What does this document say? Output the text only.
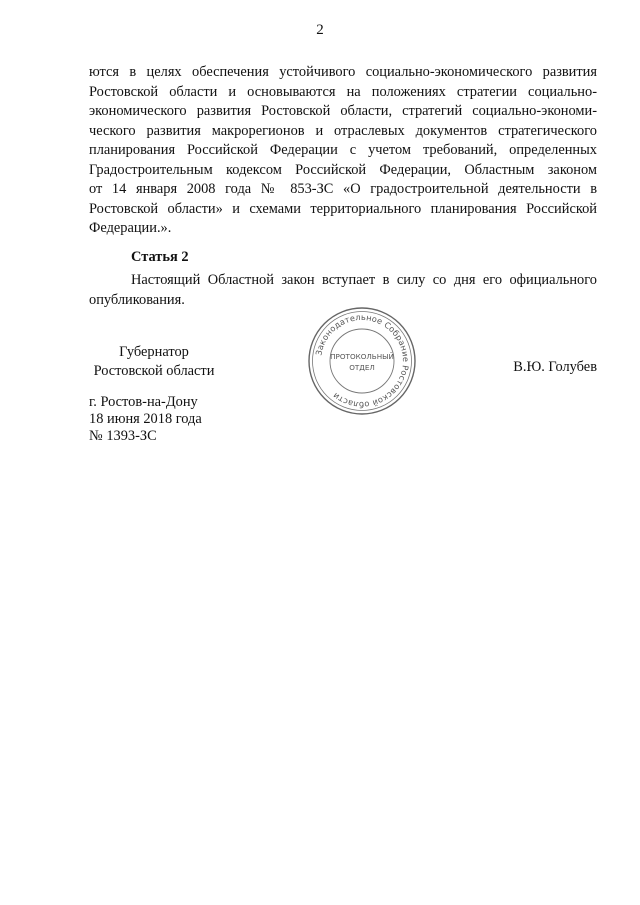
2
ются в целях обеспечения устойчивого социально-экономического развития
Ростовской области и основываются на положениях стратегии социально-
экономического развития Ростовской области, стратегий социально-экономи-
ческого развития макрорегионов и отраслевых документов стратегического
планирования Российской Федерации с учетом требований, определенных
Градостроительным кодексом Российской Федерации, Областным законом
от 14 января 2008 года № 853-ЗС «О градостроительной деятельности в
Ростовской области» и схемами территориального планирования Российской
Федерации.».
Статья 2
Настоящий Областной закон вступает в силу со дня его официального
опубликования.
Губернатор
Ростовской области
Законодательное Собрание Ростовской области
ПРОТОКОЛЬНЫЙ
ОТДЕЛ	В.Ю. Голубев
г. Ростов-на-Дону
18 июня 2018 года
№ 1393-ЗС
